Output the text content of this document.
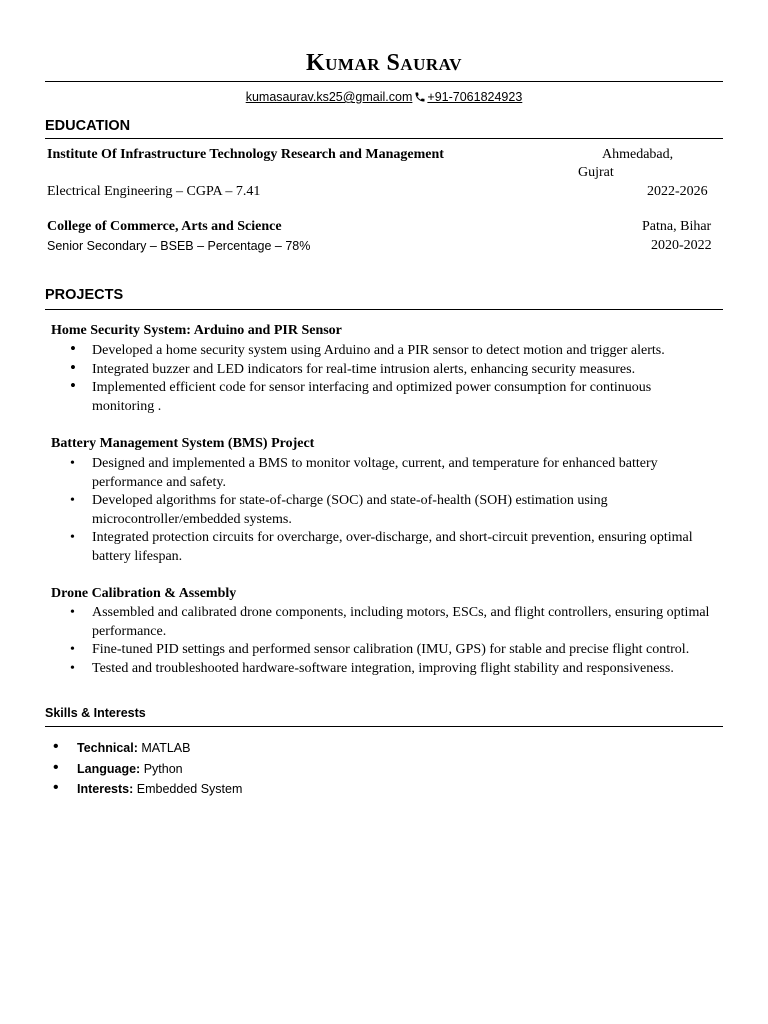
Kumar Saurav
kumasaurav.ks25@gmail.com +91-7061824923
EDUCATION
Institute Of Infrastructure Technology Research and Management	Ahmedabad,
Gujrat
Electrical Engineering – CGPA – 7.41	2022-2026
College of Commerce, Arts and Science	Patna, Bihar
Senior Secondary – BSEB – Percentage – 78%	2020-2022
PROJECTS
Home Security System: Arduino and PIR Sensor
• Developed a home security system using Arduino and a PIR sensor to detect motion and trigger alerts.
• Integrated buzzer and LED indicators for real-time intrusion alerts, enhancing security measures.
• Implemented efficient code for sensor interfacing and optimized power consumption for continuous monitoring .
Battery Management System (BMS) Project
• Designed and implemented a BMS to monitor voltage, current, and temperature for enhanced battery performance and safety.
• Developed algorithms for state-of-charge (SOC) and state-of-health (SOH) estimation using microcontroller/embedded systems.
• Integrated protection circuits for overcharge, over-discharge, and short-circuit prevention, ensuring optimal battery lifespan.
Drone Calibration & Assembly
• Assembled and calibrated drone components, including motors, ESCs, and flight controllers, ensuring optimal performance.
• Fine-tuned PID settings and performed sensor calibration (IMU, GPS) for stable and precise flight control.
• Tested and troubleshooted hardware-software integration, improving flight stability and responsiveness.
Skills & Interests
• Technical: MATLAB
• Language: Python
• Interests: Embedded System
